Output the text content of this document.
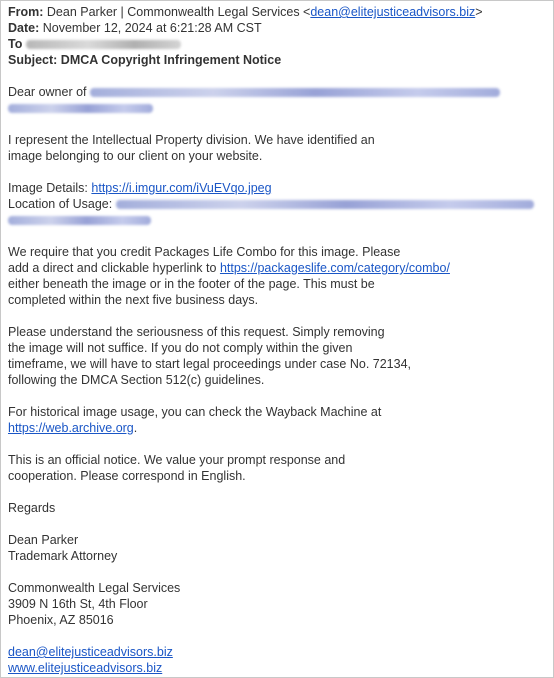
From: Dean Parker | Commonwealth Legal Services <dean@elitejusticeadvisors.biz>
Date: November 12, 2024 at 6:21:28 AM CST
To
Subject: DMCA Copyright Infringement Notice
Dear owner of

I represent the Intellectual Property division. We have identified an
image belonging to our client on your website.

Image Details: https://i.imgur.com/iVuEVqo.jpeg
Location of Usage:

We require that you credit Packages Life Combo for this image. Please
add a direct and clickable hyperlink to https://packageslife.com/category/combo/
either beneath the image or in the footer of the page. This must be
completed within the next five business days.

Please understand the seriousness of this request. Simply removing
the image will not suffice. If you do not comply within the given
timeframe, we will have to start legal proceedings under case No. 72134,
following the DMCA Section 512(c) guidelines.

For historical image usage, you can check the Wayback Machine at
https://web.archive.org.

This is an official notice. We value your prompt response and
cooperation. Please correspond in English.

Regards

Dean Parker
Trademark Attorney

Commonwealth Legal Services
3909 N 16th St, 4th Floor
Phoenix, AZ 85016

dean@elitejusticeadvisors.biz
www.elitejusticeadvisors.biz
